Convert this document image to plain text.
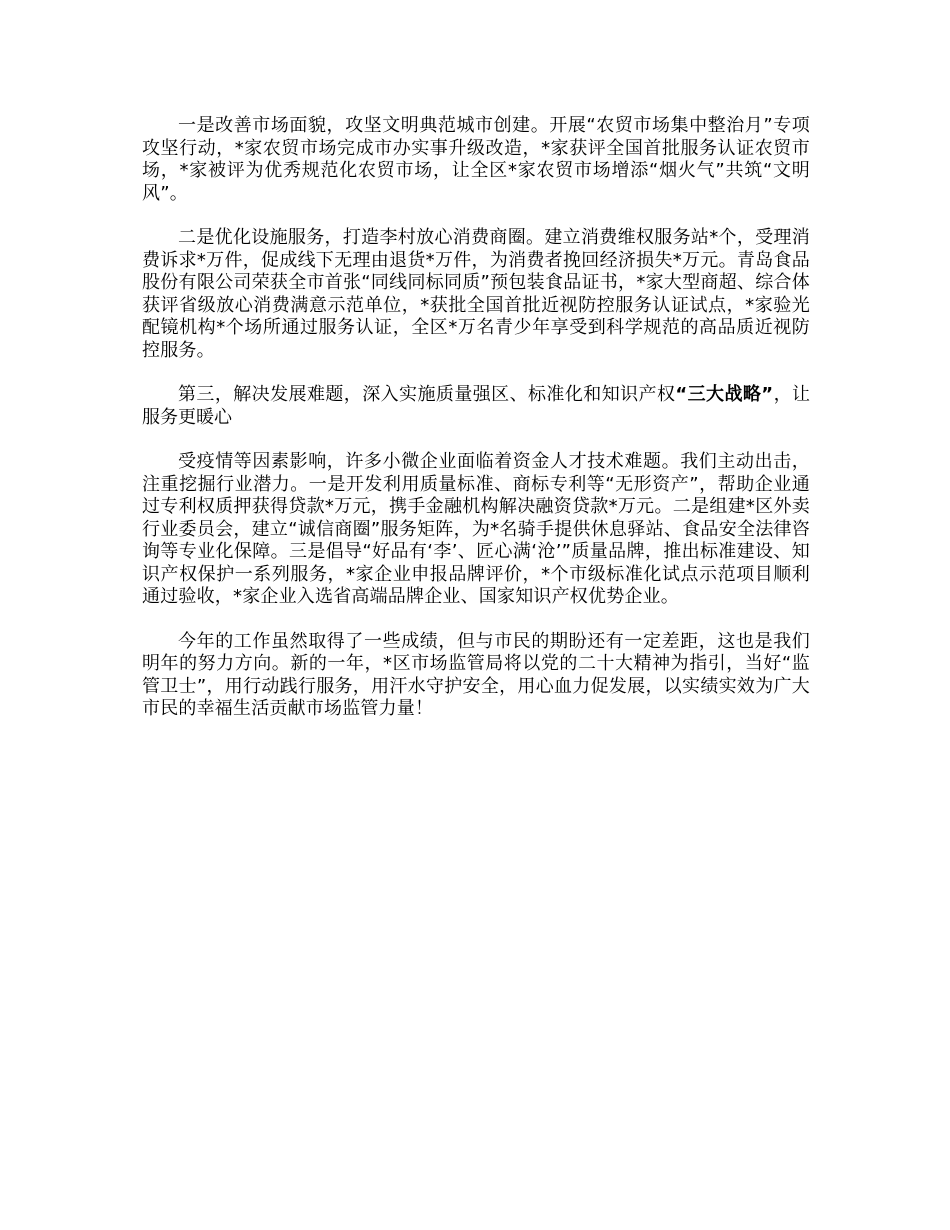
一是改善市场面貌，攻坚文明典范城市创建。开展“农贸市场集中整治月”专项攻坚行动，*家农贸市场完成市办实事升级改造，*家获评全国首批服务认证农贸市场，*家被评为优秀规范化农贸市场，让全区*家农贸市场增添“烟火气”共筑“文明风”。

二是优化设施服务，打造李村放心消费商圈。建立消费维权服务站*个，受理消费诉求*万件，促成线下无理由退货*万件，为消费者挽回经济损失*万元。青岛食品股份有限公司荣获全市首张“同线同标同质”预包装食品证书，*家大型商超、综合体获评省级放心消费满意示范单位，*获批全国首批近视防控服务认证试点，*家验光配镜机构*个场所通过服务认证，全区*万名青少年享受到科学规范的高品质近视防控服务。

第三，解决发展难题，深入实施质量强区、标准化和知识产权“三大战略”，让服务更暖心

受疫情等因素影响，许多小微企业面临着资金人才技术难题。我们主动出击，注重挖掘行业潜力。一是开发利用质量标准、商标专利等“无形资产”，帮助企业通过专利权质押获得贷款*万元，携手金融机构解决融资贷款*万元。二是组建*区外卖行业委员会，建立“诚信商圈”服务矩阵，为*名骑手提供休息驿站、食品安全法律咨询等专业化保障。三是倡导“好品有‘李’、匠心满‘沧’”质量品牌，推出标准建设、知识产权保护一系列服务，*家企业申报品牌评价，*个市级标准化试点示范项目顺利通过验收，*家企业入选省高端品牌企业、国家知识产权优势企业。

今年的工作虽然取得了一些成绩，但与市民的期盼还有一定差距，这也是我们明年的努力方向。新的一年，*区市场监管局将以党的二十大精神为指引，当好“监管卫士”，用行动践行服务，用汗水守护安全，用心血力促发展，以实绩实效为广大市民的幸福生活贡献市场监管力量！
